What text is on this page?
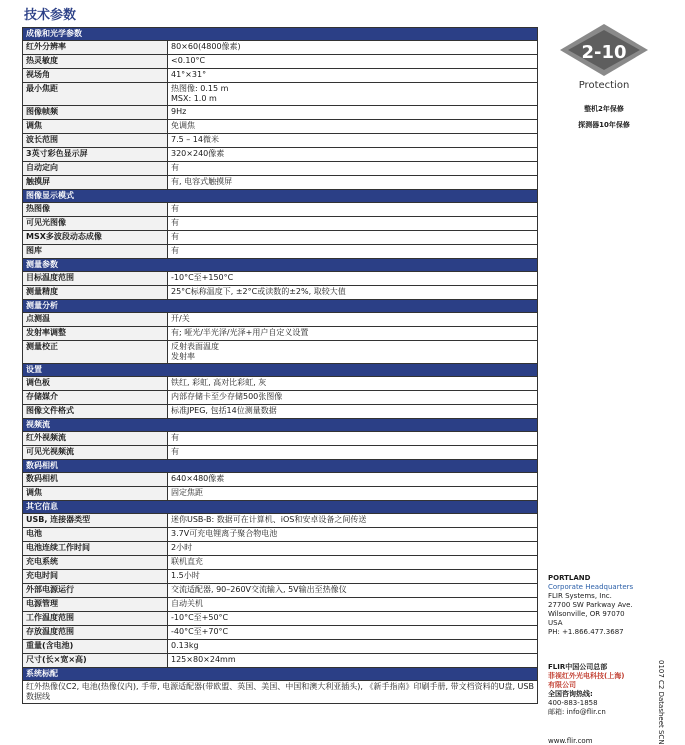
技术参数
成像和光学参数	
红外分辨率	80×60(4800像素)

热灵敏度	<0.10°C

视场角	41°×31°

最小焦距	热图像: 0.15 m
MSX: 1.0 m

图像帧频	9Hz

调焦	免调焦

波长范围	7.5 – 14微米

3英寸彩色显示屏	320×240像素

自动定向	有

触摸屏	有, 电容式触摸屏

图像显示模式	
热图像	有

可见光图像	有

MSX多波段动态成像	有

图库	有

测量参数	
目标温度范围	-10°C至+150°C

测量精度	25°C标称温度下, ±2°C或读数的±2%, 取较大值

测量分析	
点测温	开/关

发射率调整	有; 哑光/半光泽/光泽+用户自定义设置

测量校正	反射表面温度
发射率

设置	
调色板	铁红, 彩虹, 高对比彩虹, 灰

存储媒介	内部存储卡至少存储500张图像

图像文件格式	标准JPEG, 包括14位测量数据

视频流	
红外视频流	有

可见光视频流	有

数码相机	
数码相机	640×480像素

调焦	固定焦距

其它信息	
USB, 连接器类型	迷你USB-B: 数据可在计算机、iOS和安卓设备之间传送

电池	3.7V可充电锂离子聚合物电池

电池连续工作时间	2小时

充电系统	联机直充

充电时间	1.5小时

外部电源运行	交流适配器, 90–260V交流输入, 5V输出至热像仪

电源管理	自动关机

工作温度范围	-10°C至+50°C

存放温度范围	-40°C至+70°C

重量(含电池)	0.13kg

尺寸(长×宽×高)	125×80×24mm

系统标配	
红外热像仪C2, 电池(热像仪内), 手带, 电源适配器(带欧盟、英国、美国、中国和澳大利亚插头), 《新手指南》印刷手册, 带文档资料的U盘, USB数据线	
2-10
Protection
整机2年保修
探测器10年保修
PORTLAND
Corporate Headquarters
FLIR Systems, Inc.
27700 SW Parkway Ave.
Wilsonville, OR 97070
USA
PH: +1.866.477.3687
FLIR中国公司总部
菲视红外光电科技(上海)
有限公司
全国咨询热线:
400-883-1858
邮箱: info@flir.cn	0107 C2 Datasheet SCN
www.flir.com
